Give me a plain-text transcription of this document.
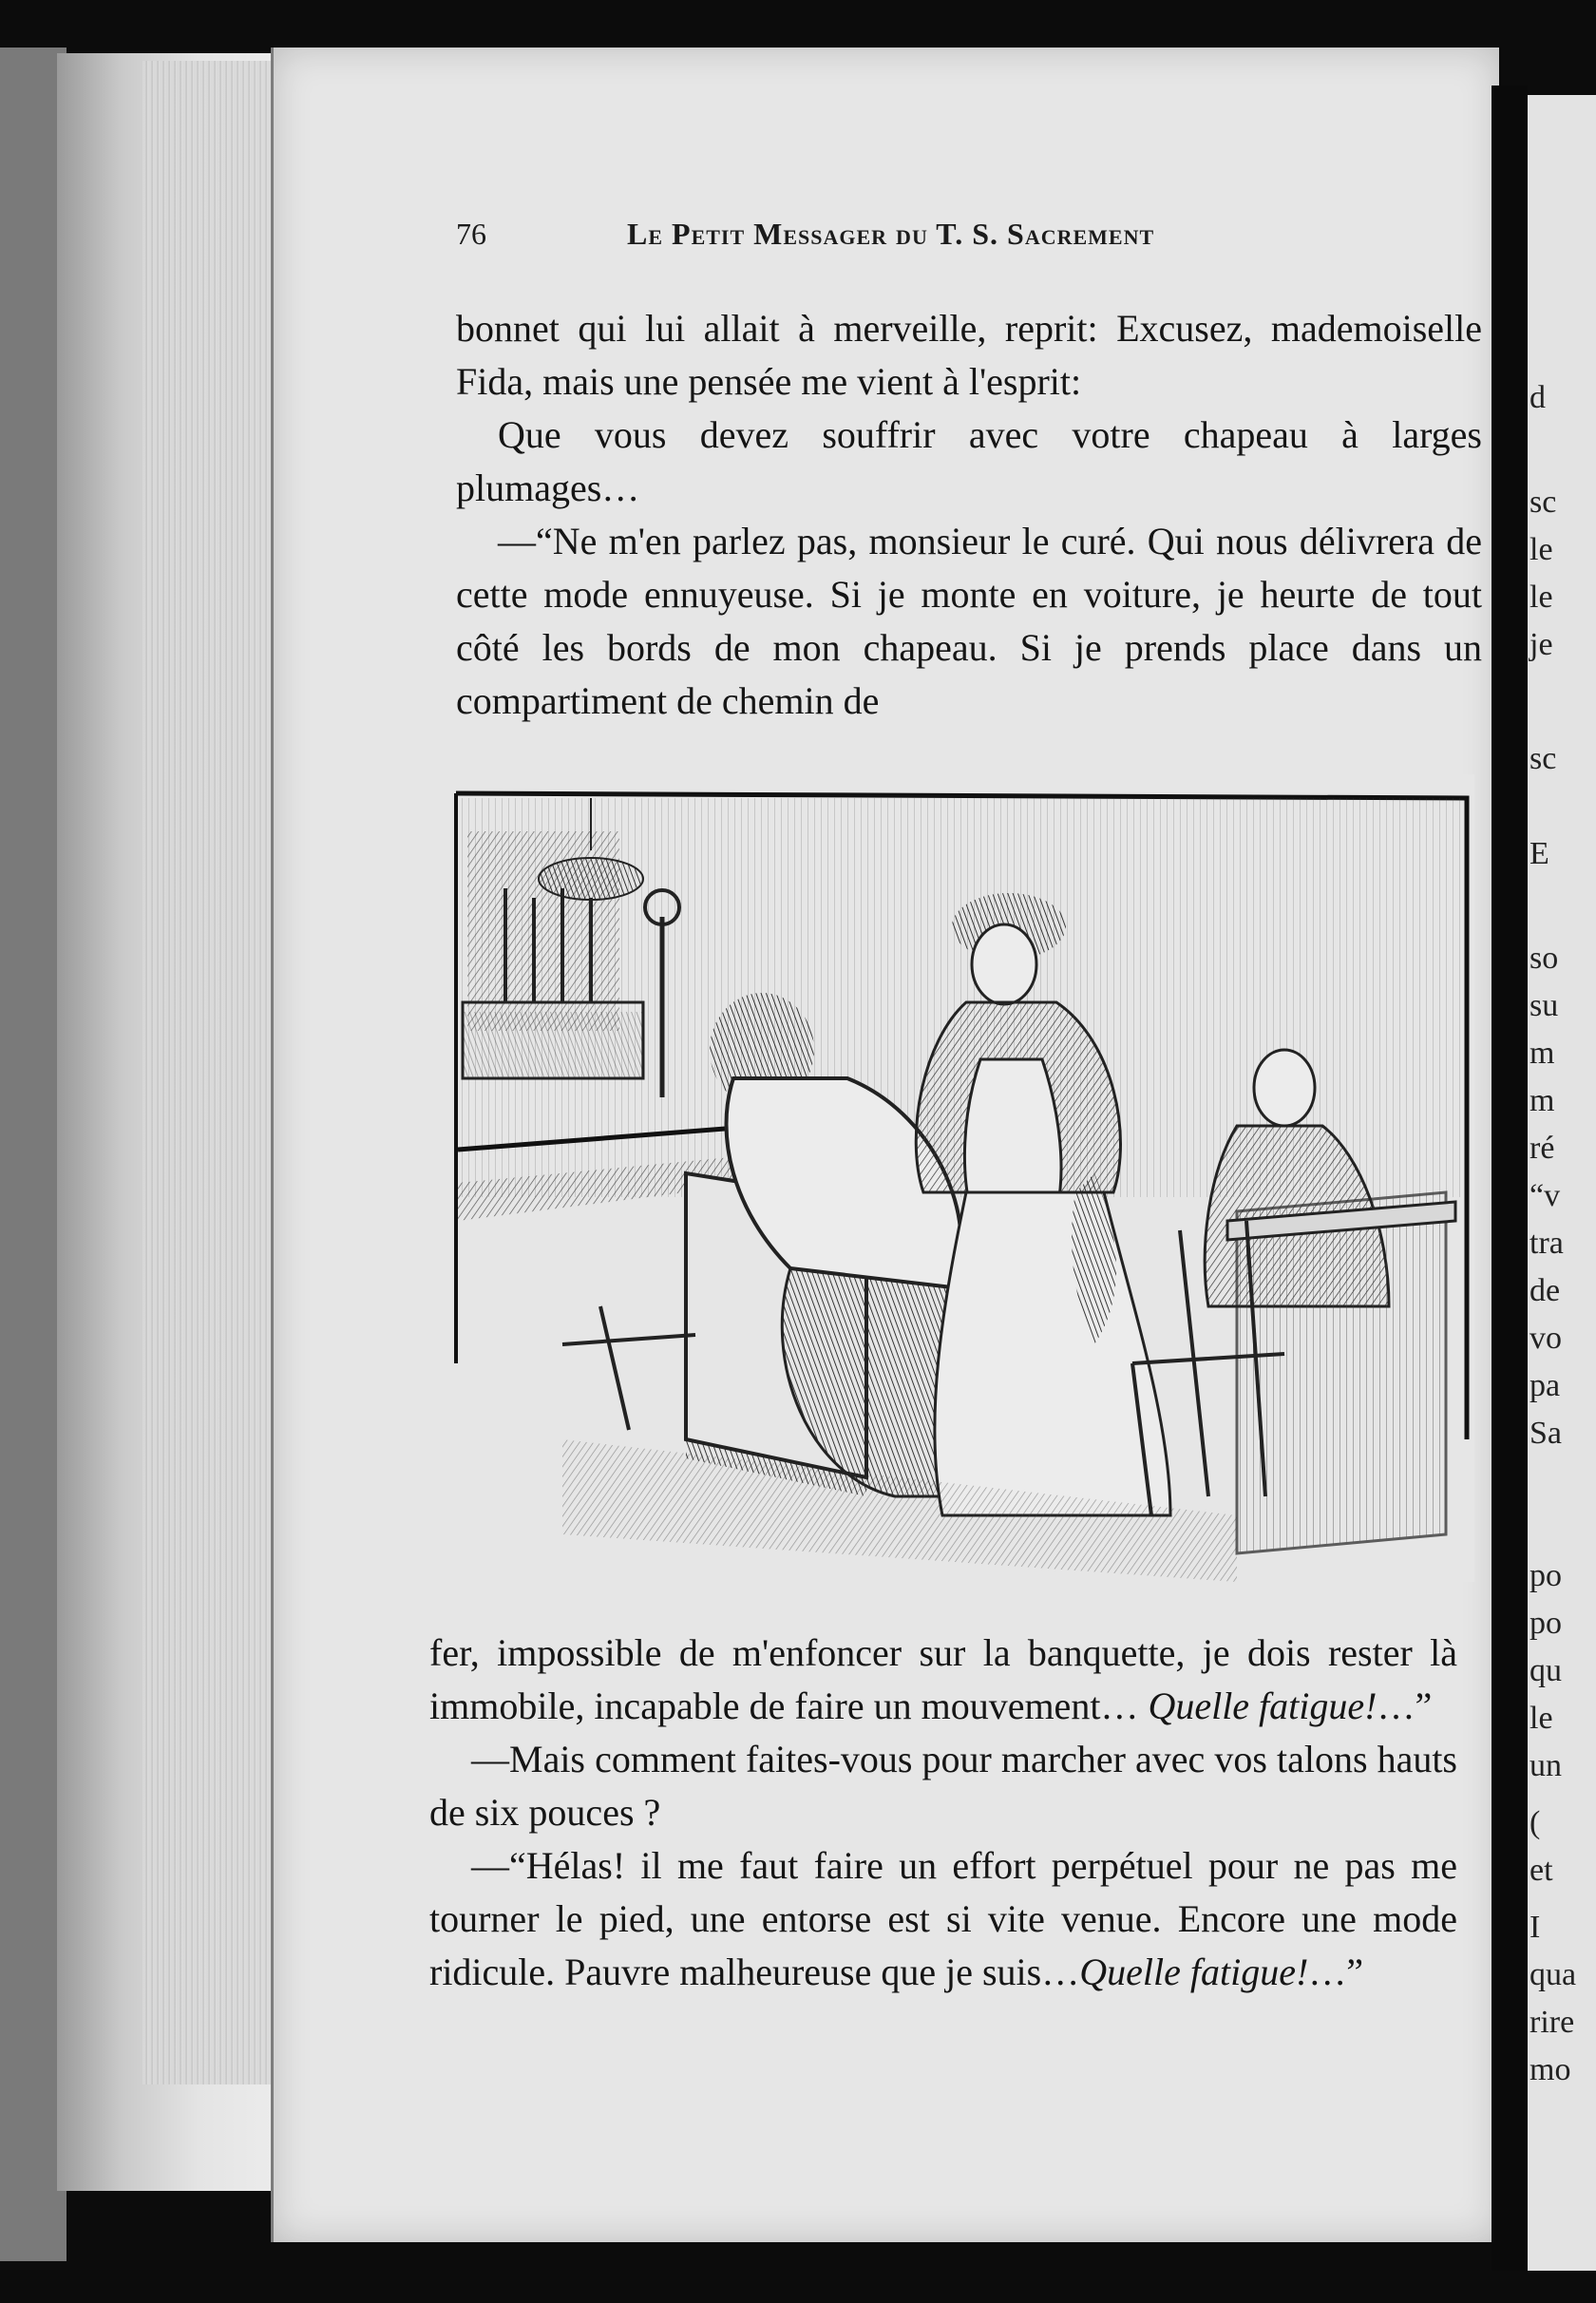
76	Le Petit Messager du T. S. Sacrement

bonnet qui lui allait à merveille, reprit: Excusez, mademoiselle Fida, mais une pensée me vient à l'esprit:

Que vous devez souffrir avec votre chapeau à larges plumages…

—“Ne m'en parlez pas, monsieur le curé. Qui nous délivrera de cette mode ennuyeuse. Si je monte en voiture, je heurte de tout côté les bords de mon chapeau. Si je prends place dans un compartiment de chemin de

fer, impossible de m'enfoncer sur la banquette, je dois rester là immobile, incapable de faire un mouvement… Quelle fatigue!…”

—Mais comment faites-vous pour marcher avec vos talons hauts de six pouces ?

—“Hélas! il me faut faire un effort perpétuel pour ne pas me tourner le pied, une entorse est si vite venue. Encore une mode ridicule. Pauvre malheureuse que je suis…Quelle fatigue!…”

d
sc
le
le
je
sc
E
so
su
m
m
ré
“v
tra
de
vo
pa
Sa
po
po
qu
le
un
(
et
I
qua
rire
mo
